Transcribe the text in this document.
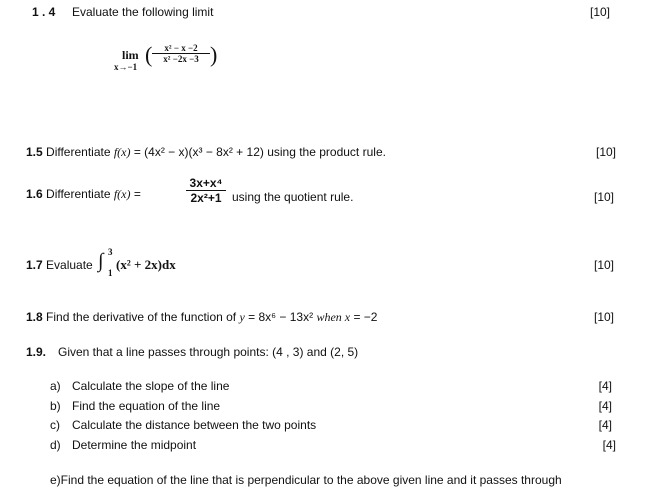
1 . 4 Evaluate the following limit	[10]
lim
x→−1 ( $\frac{\text{x² − x −2}}{\text{x² −2x −3}}$ )
1.5 Differentiate f(x) = (4x² − x)(x³ − 8x² + 12) using the product rule.	[10]
1.6 Differentiate f(x) =	$\frac{\text{3x+x⁴}}{\text{2x²+1}}$ using the quotient rule.	[10]
1.7 Evaluate ∫
1
3
(x² + 2x)dx	[10]
1.8 Find the derivative of the function of y = 8x⁶ − 13x² when x = −2	[10]
1.9. Given that a line passes through points: (4 , 3) and (2, 5)
a) Calculate the slope of the line	[4]
b) Find the equation of the line	[4]
c) Calculate the distance between the two points	[4]
d) Determine the midpoint	[4]
e)Find the equation of the line that is perpendicular to the above given line and it passes through
